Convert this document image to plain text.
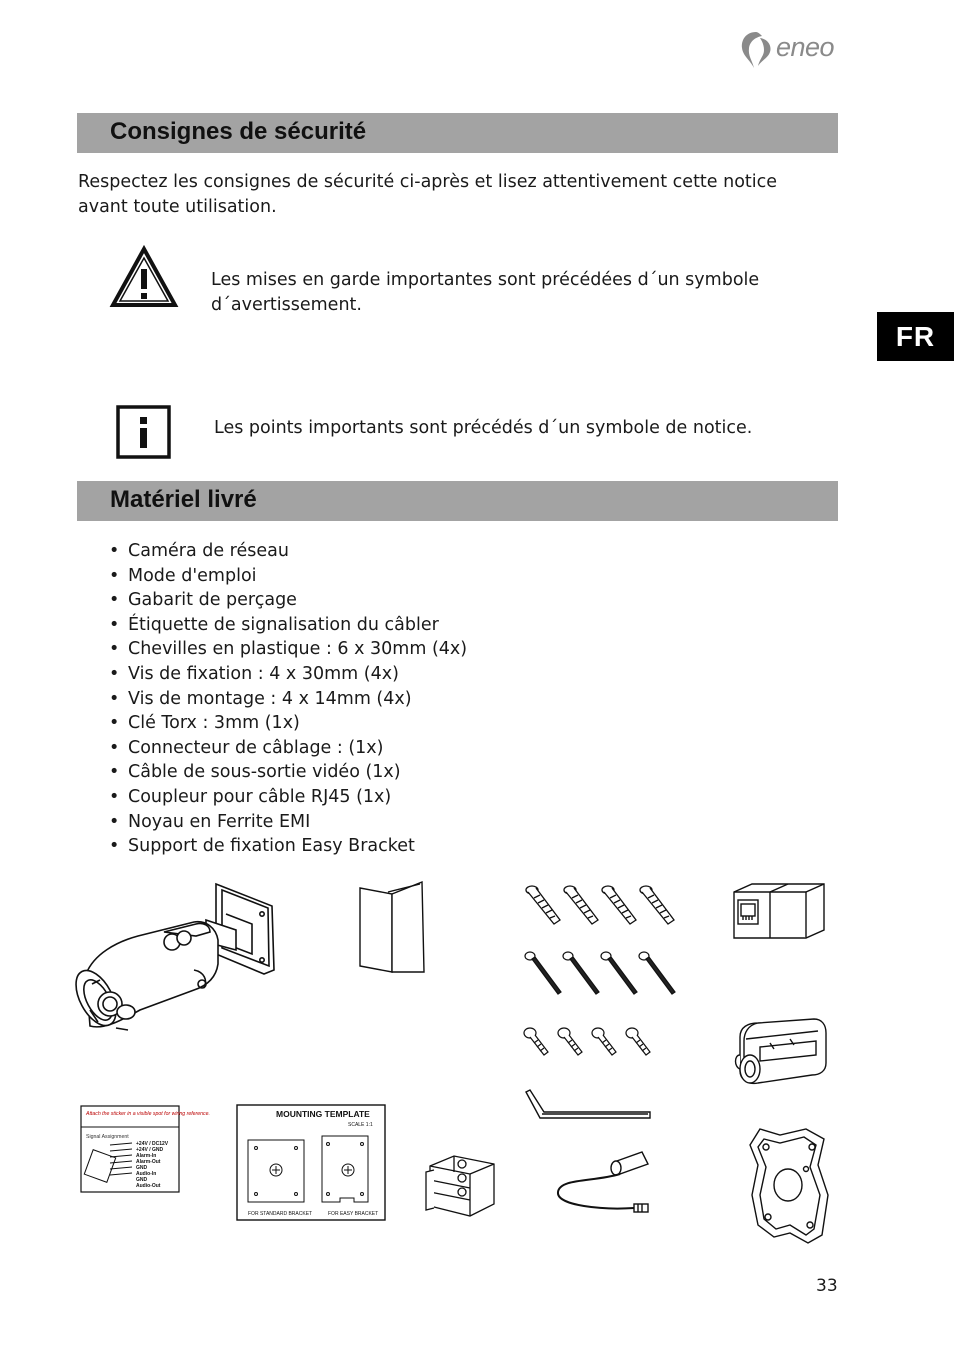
eneo
FR
Consignes de sécurité
Respectez les consignes de sécurité ci-après et lisez attentivement cette notice avant toute utilisation.
Les mises en garde importantes sont précédées d´un symbole d´avertissement.
Les points importants sont précédés d´un symbole de notice.
Matériel livré
• Caméra de réseau
• Mode d'emploi
• Gabarit de perçage
• Étiquette de signalisation du câbler
• Chevilles en plastique : 6 x 30mm (4x)
• Vis de fixation : 4 x 30mm (4x)
• Vis de montage : 4 x 14mm (4x)
• Clé Torx : 3mm (1x)
• Connecteur de câblage : (1x)
• Câble de sous-sortie vidéo (1x)
• Coupleur pour câble RJ45 (1x)
• Noyau en Ferrite EMI
• Support de fixation Easy Bracket
Attach the sticker in a visible spot for wiring reference.
Signal Assignment
+24V / DC12V
+24V / GND
Alarm-In
Alarm-Out
GND
Audio-In
GND
Audio-Out
MOUNTING TEMPLATE
SCALE 1:1
FOR STANDARD BRACKET	FOR EASY BRACKET
33
